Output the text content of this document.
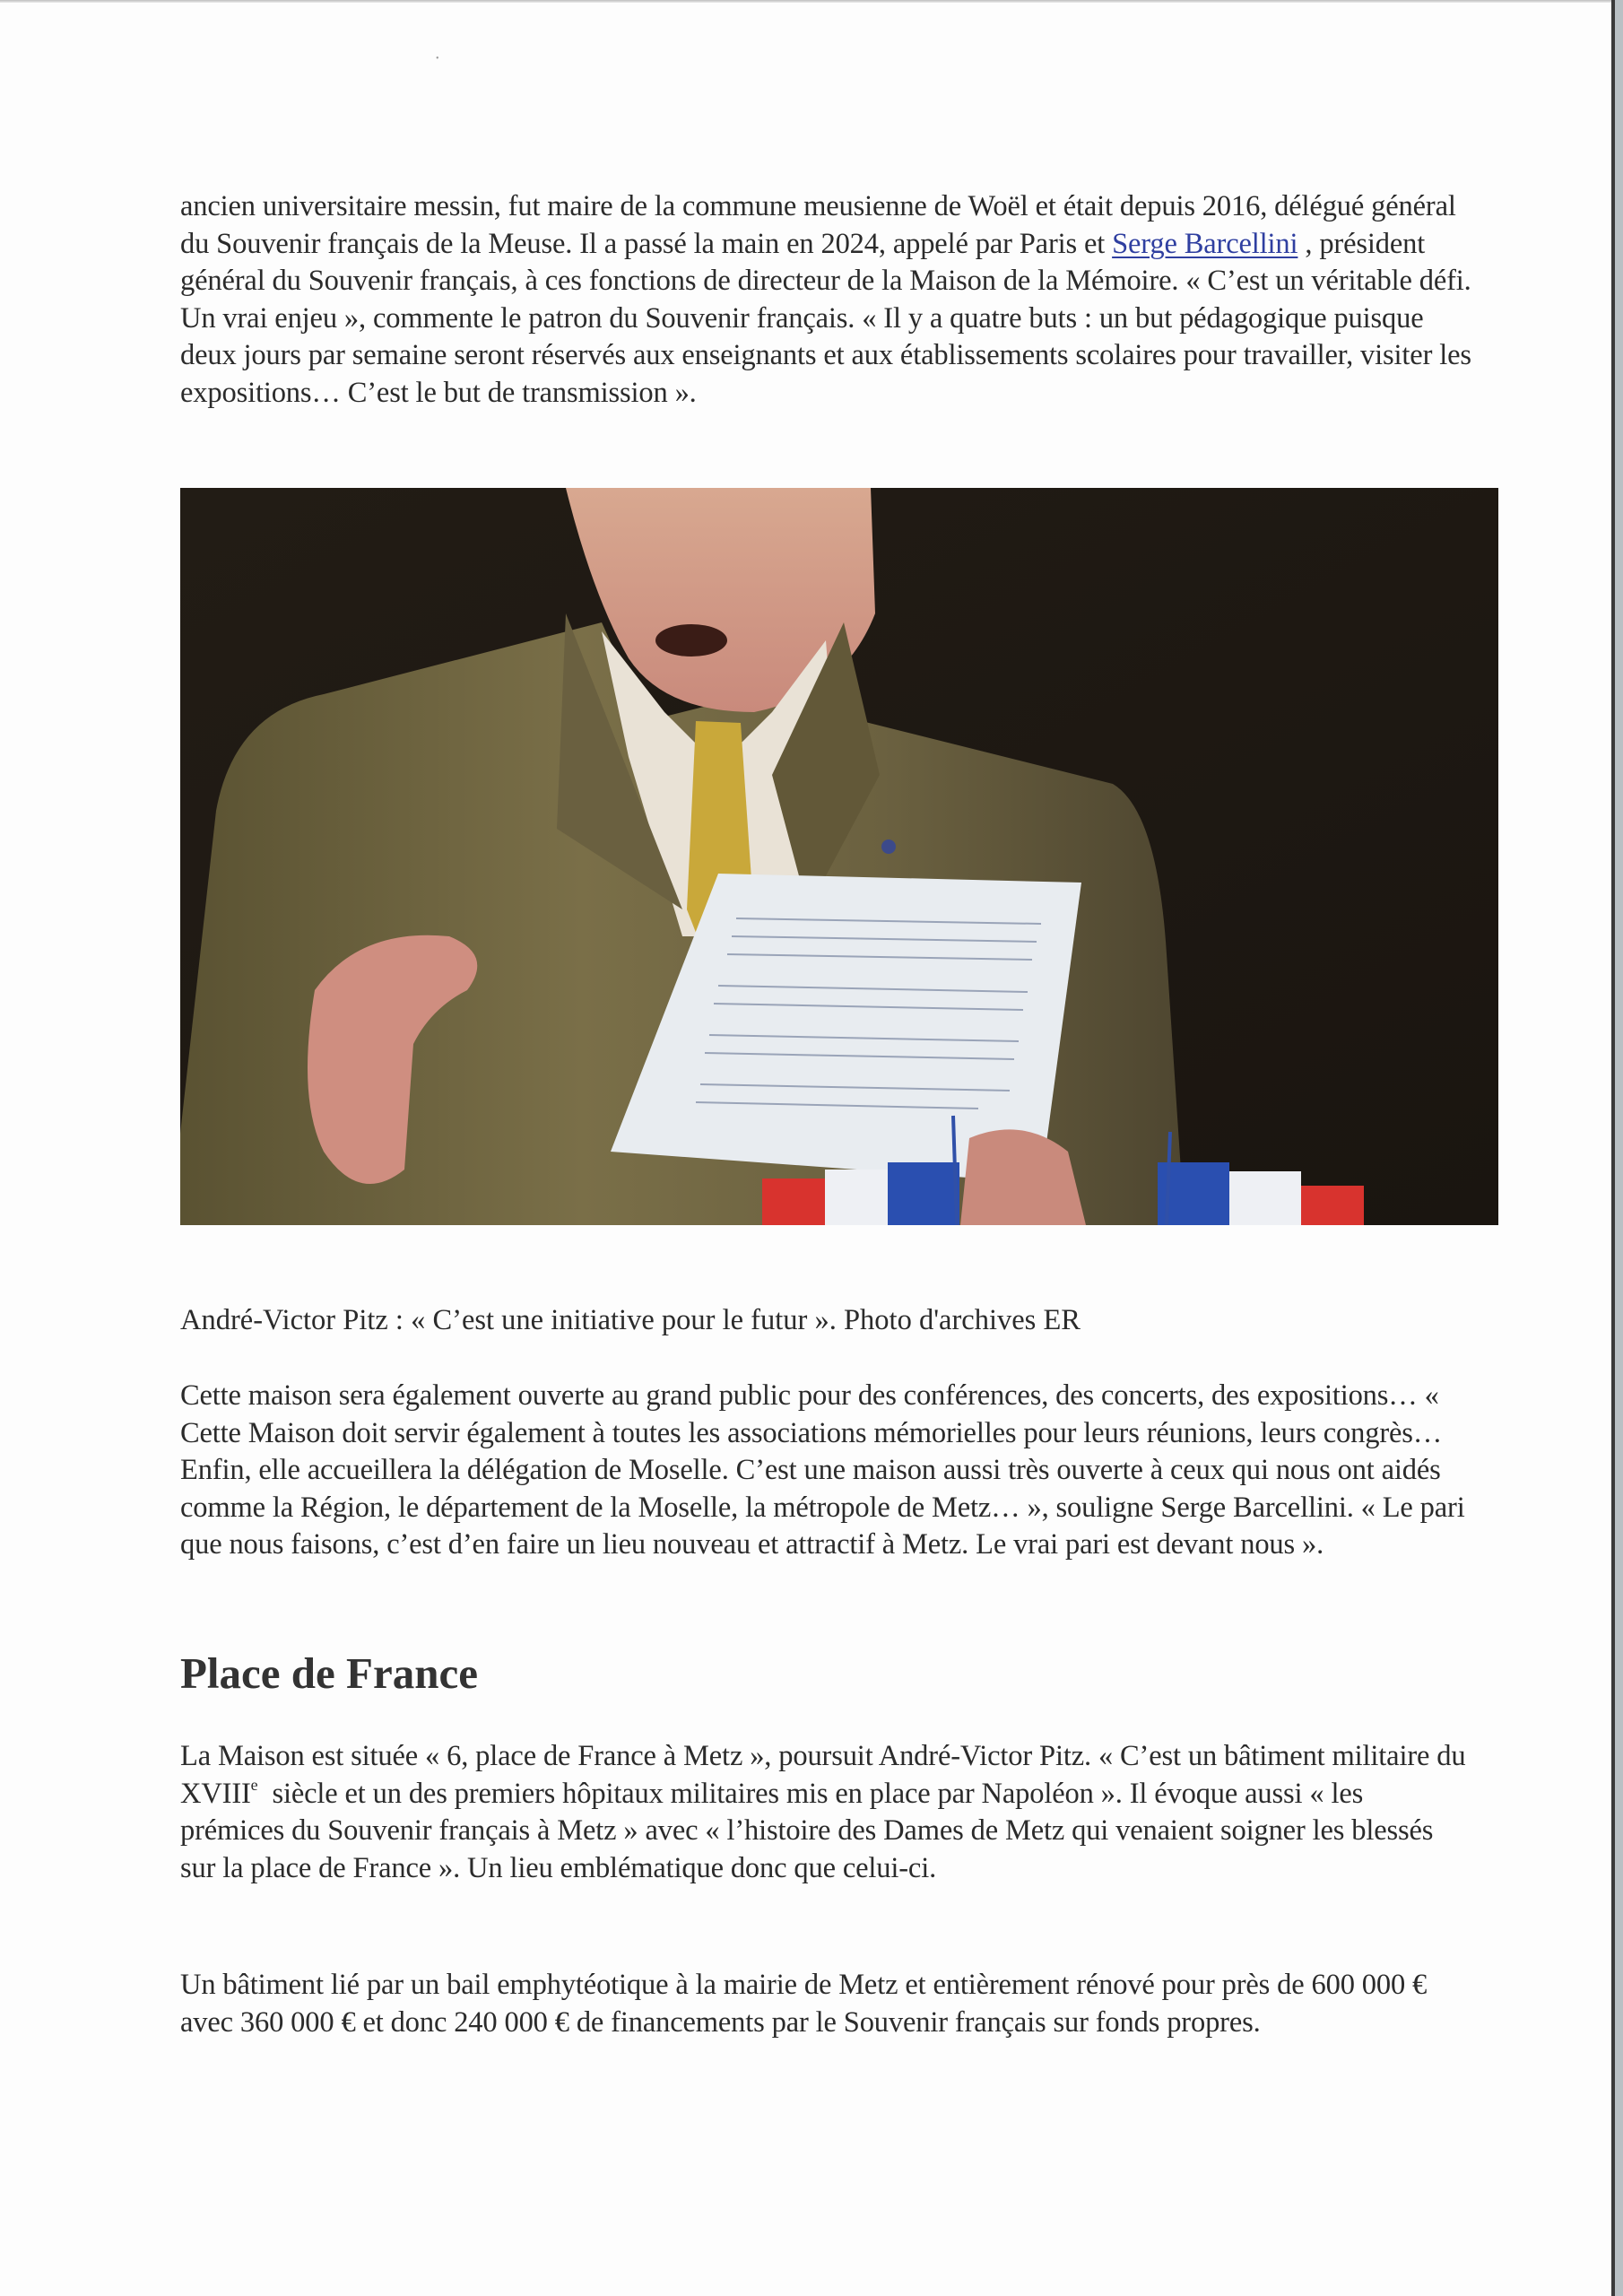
•

ancien universitaire messin, fut maire de la commune meusienne de Woël et était depuis 2016, délégué général du Souvenir français de la Meuse. Il a passé la main en 2024, appelé par Paris et Serge Barcellini , président général du Souvenir français, à ces fonctions de directeur de la Maison de la Mémoire. « C’est un véritable défi. Un vrai enjeu », commente le patron du Souvenir français. « Il y a quatre buts : un but pédagogique puisque deux jours par semaine seront réservés aux enseignants et aux établissements scolaires pour travailler, visiter les expositions… C’est le but de transmission ».

André-Victor Pitz : « C’est une initiative pour le futur ». Photo d'archives ER

Cette maison sera également ouverte au grand public pour des conférences, des concerts, des expositions… « Cette Maison doit servir également à toutes les associations mémorielles pour leurs réunions, leurs congrès… Enfin, elle accueillera la délégation de Moselle. C’est une maison aussi très ouverte à ceux qui nous ont aidés comme la Région, le département de la Moselle, la métropole de Metz… », souligne Serge Barcellini. « Le pari que nous faisons, c’est d’en faire un lieu nouveau et attractif à Metz. Le vrai pari est devant nous ».

Place de France

La Maison est située « 6, place de France à Metz », poursuit André-Victor Pitz. « C’est un bâtiment militaire du XVIIIe  siècle et un des premiers hôpitaux militaires mis en place par Napoléon ». Il évoque aussi « les prémices du Souvenir français à Metz » avec « l’histoire des Dames de Metz qui venaient soigner les blessés sur la place de France ». Un lieu emblématique donc que celui-ci.

Un bâtiment lié par un bail emphytéotique à la mairie de Metz et entièrement rénové pour près de 600 000 € avec 360 000 € et donc 240 000 € de financements par le Souvenir français sur fonds propres.
